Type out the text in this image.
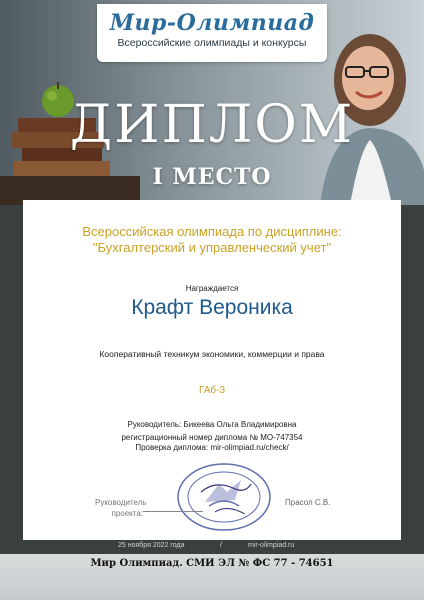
Мир-Олимпиад
Всероссийские олимпиады и конкурсы
ДИПЛОМ
I МЕСТО
Всероссийская олимпиада по дисциплине:
"Бухгалтерский и управленческий учет"
Награждается
Крафт Вероника
Кооперативный техникум экономики, коммерции и права
ГАб-3
Руководитель: Бикеева Ольга Владимировна
регистрационный номер диплома № МО-747354
Проверка диплома: mir-olimpiad.ru/check/
Руководитель
проекта:
Прасол С.В.
25 ноября 2022 года	/	mir-olimpiad.ru
Мир Олимпиад. СМИ ЭЛ № ФС 77 - 74651
